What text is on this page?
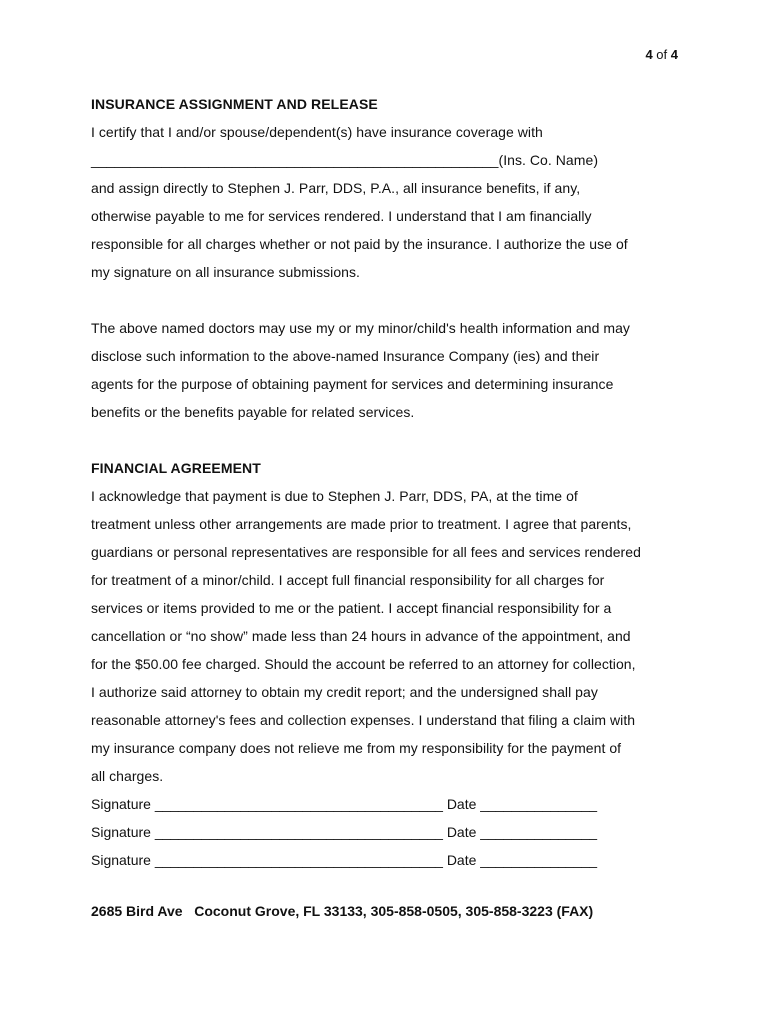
4 of 4
INSURANCE ASSIGNMENT AND RELEASE
I certify that I and/or spouse/dependent(s) have insurance coverage with
____________________________________________________(Ins. Co. Name)
and assign directly to Stephen J. Parr, DDS, P.A., all insurance benefits, if any,
otherwise payable to me for services rendered. I understand that I am financially
responsible for all charges whether or not paid by the insurance. I authorize the use of
my signature on all insurance submissions.
The above named doctors may use my or my minor/child's health information and may
disclose such information to the above-named Insurance Company (ies) and their
agents for the purpose of obtaining payment for services and determining insurance
benefits or the benefits payable for related services.
FINANCIAL AGREEMENT
I acknowledge that payment is due to Stephen J. Parr, DDS, PA, at the time of
treatment unless other arrangements are made prior to treatment. I agree that parents,
guardians or personal representatives are responsible for all fees and services rendered
for treatment of a minor/child. I accept full financial responsibility for all charges for
services or items provided to me or the patient. I accept financial responsibility for a
cancellation or “no show” made less than 24 hours in advance of the appointment, and
for the $50.00 fee charged. Should the account be referred to an attorney for collection,
I authorize said attorney to obtain my credit report; and the undersigned shall pay
reasonable attorney's fees and collection expenses. I understand that filing a claim with
my insurance company does not relieve me from my responsibility for the payment of
all charges.
Signature _____________________________________ Date _______________
Signature _____________________________________ Date _______________
Signature _____________________________________ Date _______________
2685 Bird Ave   Coconut Grove, FL 33133, 305-858-0505, 305-858-3223 (FAX)
